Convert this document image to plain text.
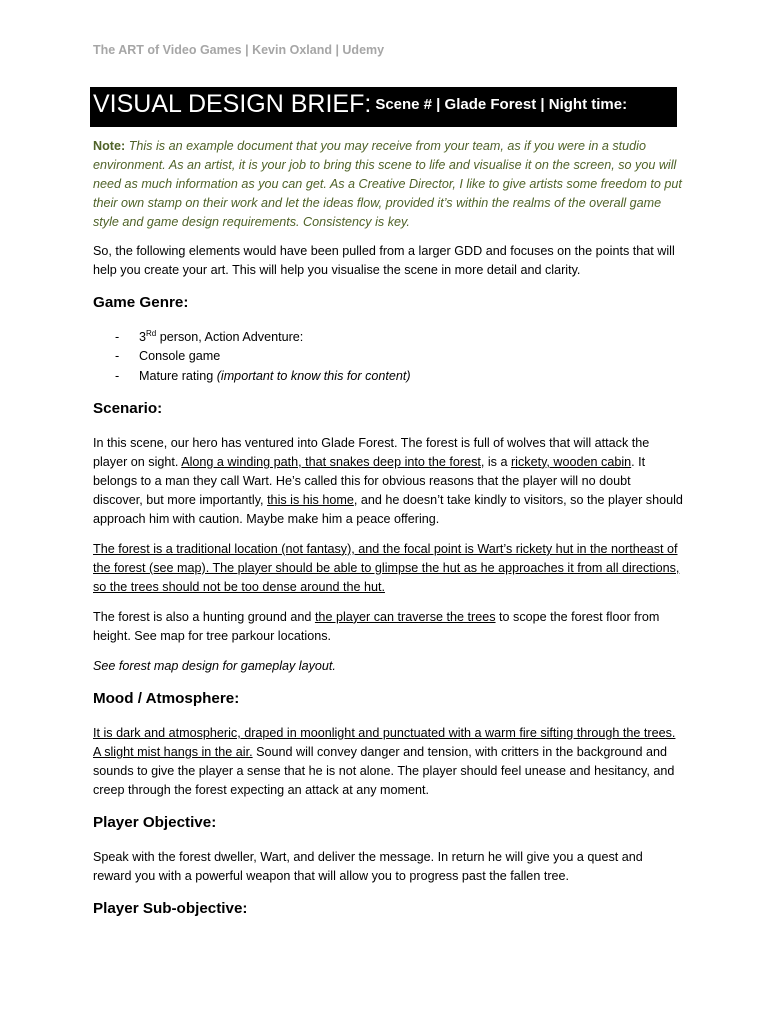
The ART of Video Games | Kevin Oxland | Udemy
VISUAL DESIGN BRIEF: Scene # | Glade Forest | Night time:

Note: This is an example document that you may receive from your team, as if you were in a studio environment. As an artist, it is your job to bring this scene to life and visualise it on the screen, so you will need as much information as you can get. As a Creative Director, I like to give artists some freedom to put their own stamp on their work and let the ideas flow, provided it’s within the realms of the overall game style and game design requirements. Consistency is key.

So, the following elements would have been pulled from a larger GDD and focuses on the points that will help you create your art. This will help you visualise the scene in more detail and clarity.

Game Genre:
- 3Rd person, Action Adventure:
- Console game
- Mature rating (important to know this for content)
Scenario:

In this scene, our hero has ventured into Glade Forest. The forest is full of wolves that will attack the player on sight. Along a winding path, that snakes deep into the forest, is a rickety, wooden cabin. It belongs to a man they call Wart. He’s called this for obvious reasons that the player will no doubt discover, but more importantly, this is his home, and he doesn’t take kindly to visitors, so the player should approach him with caution. Maybe make him a peace offering.

The forest is a traditional location (not fantasy), and the focal point is Wart’s rickety hut in the northeast of the forest (see map). The player should be able to glimpse the hut as he approaches it from all directions, so the trees should not be too dense around the hut.

The forest is also a hunting ground and the player can traverse the trees to scope the forest floor from height. See map for tree parkour locations.

See forest map design for gameplay layout.

Mood / Atmosphere:

It is dark and atmospheric, draped in moonlight and punctuated with a warm fire sifting through the trees. A slight mist hangs in the air. Sound will convey danger and tension, with critters in the background and sounds to give the player a sense that he is not alone. The player should feel unease and hesitancy, and creep through the forest expecting an attack at any moment.

Player Objective:

Speak with the forest dweller, Wart, and deliver the message. In return he will give you a quest and reward you with a powerful weapon that will allow you to progress past the fallen tree.

Player Sub-objective:
